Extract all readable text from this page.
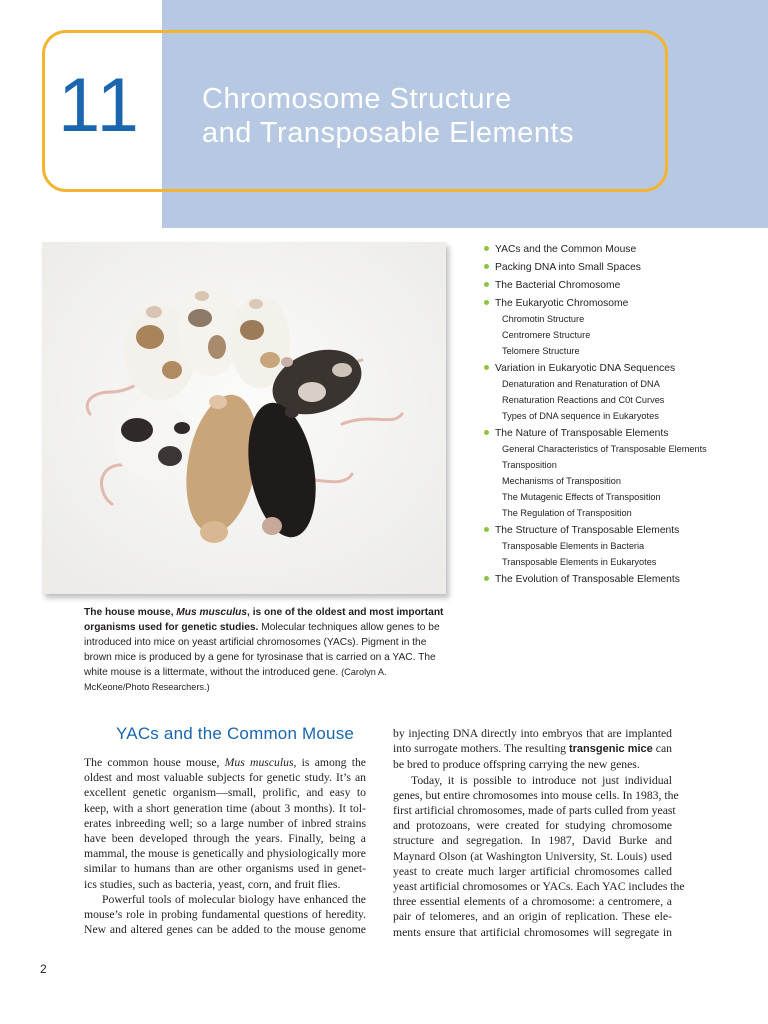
11	Chromosome Structure
and Transposable Elements
The house mouse, Mus musculus, is one of the oldest and most important organisms used for genetic studies. Molecular techniques allow genes to be introduced into mice on yeast artificial chromosomes (YACs). Pigment in the brown mice is produced by a gene for tyrosinase that is carried on a YAC. The white mouse is a littermate, without the introduced gene. (Carolyn A. McKeone/Photo Researchers.)
YACs and the Common Mouse
Packing DNA into Small Spaces
The Bacterial Chromosome
The Eukaryotic Chromosome
Chromotin Structure
Centromere Structure
Telomere Structure
Variation in Eukaryotic DNA Sequences
Denaturation and Renaturation of DNA
Renaturation Reactions and C0t Curves
Types of DNA sequence in Eukaryotes
The Nature of Transposable Elements
General Characteristics of Transposable Elements
Transposition
Mechanisms of Transposition
The Mutagenic Effects of Transposition
The Regulation of Transposition
The Structure of Transposable Elements
Transposable Elements in Bacteria
Transposable Elements in Eukaryotes
The Evolution of Transposable Elements
YACs and the Common Mouse
The common house mouse, Mus musculus, is among the
oldest and most valuable subjects for genetic study. It’s an
excellent genetic organism—small, prolific, and easy to
keep, with a short generation time (about 3 months). It tol-
erates inbreeding well; so a large number of inbred strains
have been developed through the years. Finally, being a
mammal, the mouse is genetically and physiologically more
similar to humans than are other organisms used in genet-
ics studies, such as bacteria, yeast, corn, and fruit flies.
Powerful tools of molecular biology have enhanced the
mouse’s role in probing fundamental questions of heredity.
New and altered genes can be added to the mouse genome
by injecting DNA directly into embryos that are implanted
into surrogate mothers. The resulting transgenic mice can
be bred to produce offspring carrying the new genes.
Today, it is possible to introduce not just individual
genes, but entire chromosomes into mouse cells. In 1983, the
first artificial chromosomes, made of parts culled from yeast
and protozoans, were created for studying chromosome
structure and segregation. In 1987, David Burke and
Maynard Olson (at Washington University, St. Louis) used
yeast to create much larger artificial chromosomes called
yeast artificial chromosomes or YACs. Each YAC includes the
three essential elements of a chromosome: a centromere, a
pair of telomeres, and an origin of replication. These ele-
ments ensure that artificial chromosomes will segregate in
2
